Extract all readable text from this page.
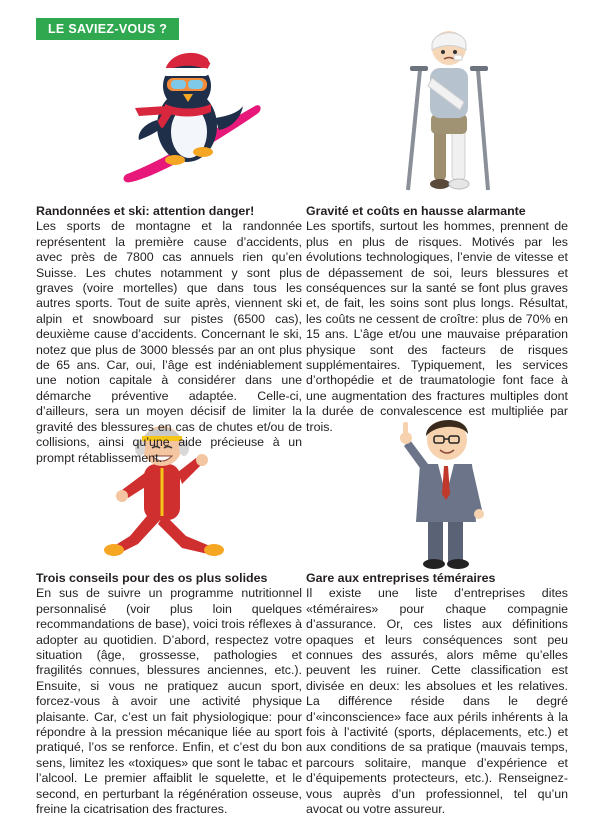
LE SAVIEZ-VOUS ?
Randonnées et ski: attention danger!

Les sports de montagne et la randonnée représentent la première cause d’accidents, avec près de 7800 cas annuels rien qu’en Suisse. Les chutes notamment y sont plus graves (voire mortelles) que dans tous les autres sports. Tout de suite après, viennent ski alpin et snowboard sur pistes (6500 cas), deuxième cause d’accidents. Concernant le ski, notez que plus de 3000 blessés par an ont plus de 65 ans. Car, oui, l’âge est indéniablement une notion capitale à considérer dans une démarche préventive adaptée. Celle-ci, d’ailleurs, sera un moyen décisif de limiter la gravité des blessures en cas de chutes et/ou de collisions, ainsi qu’une aide précieuse à un prompt rétablissement.

Gravité et coûts en hausse alarmante

Les sportifs, surtout les hommes, prennent de plus en plus de risques. Motivés par les évolutions technologiques, l’envie de vitesse et de dépassement de soi, leurs blessures et conséquences sur la santé se font plus graves et, de fait, les soins sont plus longs. Résultat, les coûts ne cessent de croître: plus de 70% en 15 ans. L’âge et/ou une mauvaise préparation physique sont des facteurs de risques supplémentaires. Typiquement, les services d’orthopédie et de traumatologie font face à une augmentation des fractures multiples dont la durée de convalescence est multipliée par trois.

Trois conseils pour des os plus solides

En sus de suivre un programme nutritionnel personnalisé (voir plus loin quelques recommandations de base), voici trois réflexes à adopter au quotidien. D’abord, respectez votre situation (âge, grossesse, pathologies et fragilités connues, blessures anciennes, etc.). Ensuite, si vous ne pratiquez aucun sport, forcez-vous à avoir une activité physique plaisante. Car, c’est un fait physiologique: pour répondre à la pression mécanique liée au sport pratiqué, l’os se renforce. Enfin, et c’est du bon sens, limitez les «toxiques» que sont le tabac et l’alcool. Le premier affaiblit le squelette, et le second, en perturbant la régénération osseuse, freine la cicatrisation des fractures.

Gare aux entreprises téméraires

Il existe une liste d’entreprises dites «téméraires» pour chaque compagnie d’assurance. Or, ces listes aux définitions opaques et leurs conséquences sont peu connues des assurés, alors même qu’elles peuvent les ruiner. Cette classification est divisée en deux: les absolues et les relatives. La différence réside dans le degré d’«inconscience» face aux périls inhérents à la fois à l’activité (sports, déplacements, etc.) et aux conditions de sa pratique (mauvais temps, parcours solitaire, manque d’expérience et d’équipements protecteurs, etc.). Renseignez-vous auprès d’un professionnel, tel qu’un avocat ou votre assureur.
